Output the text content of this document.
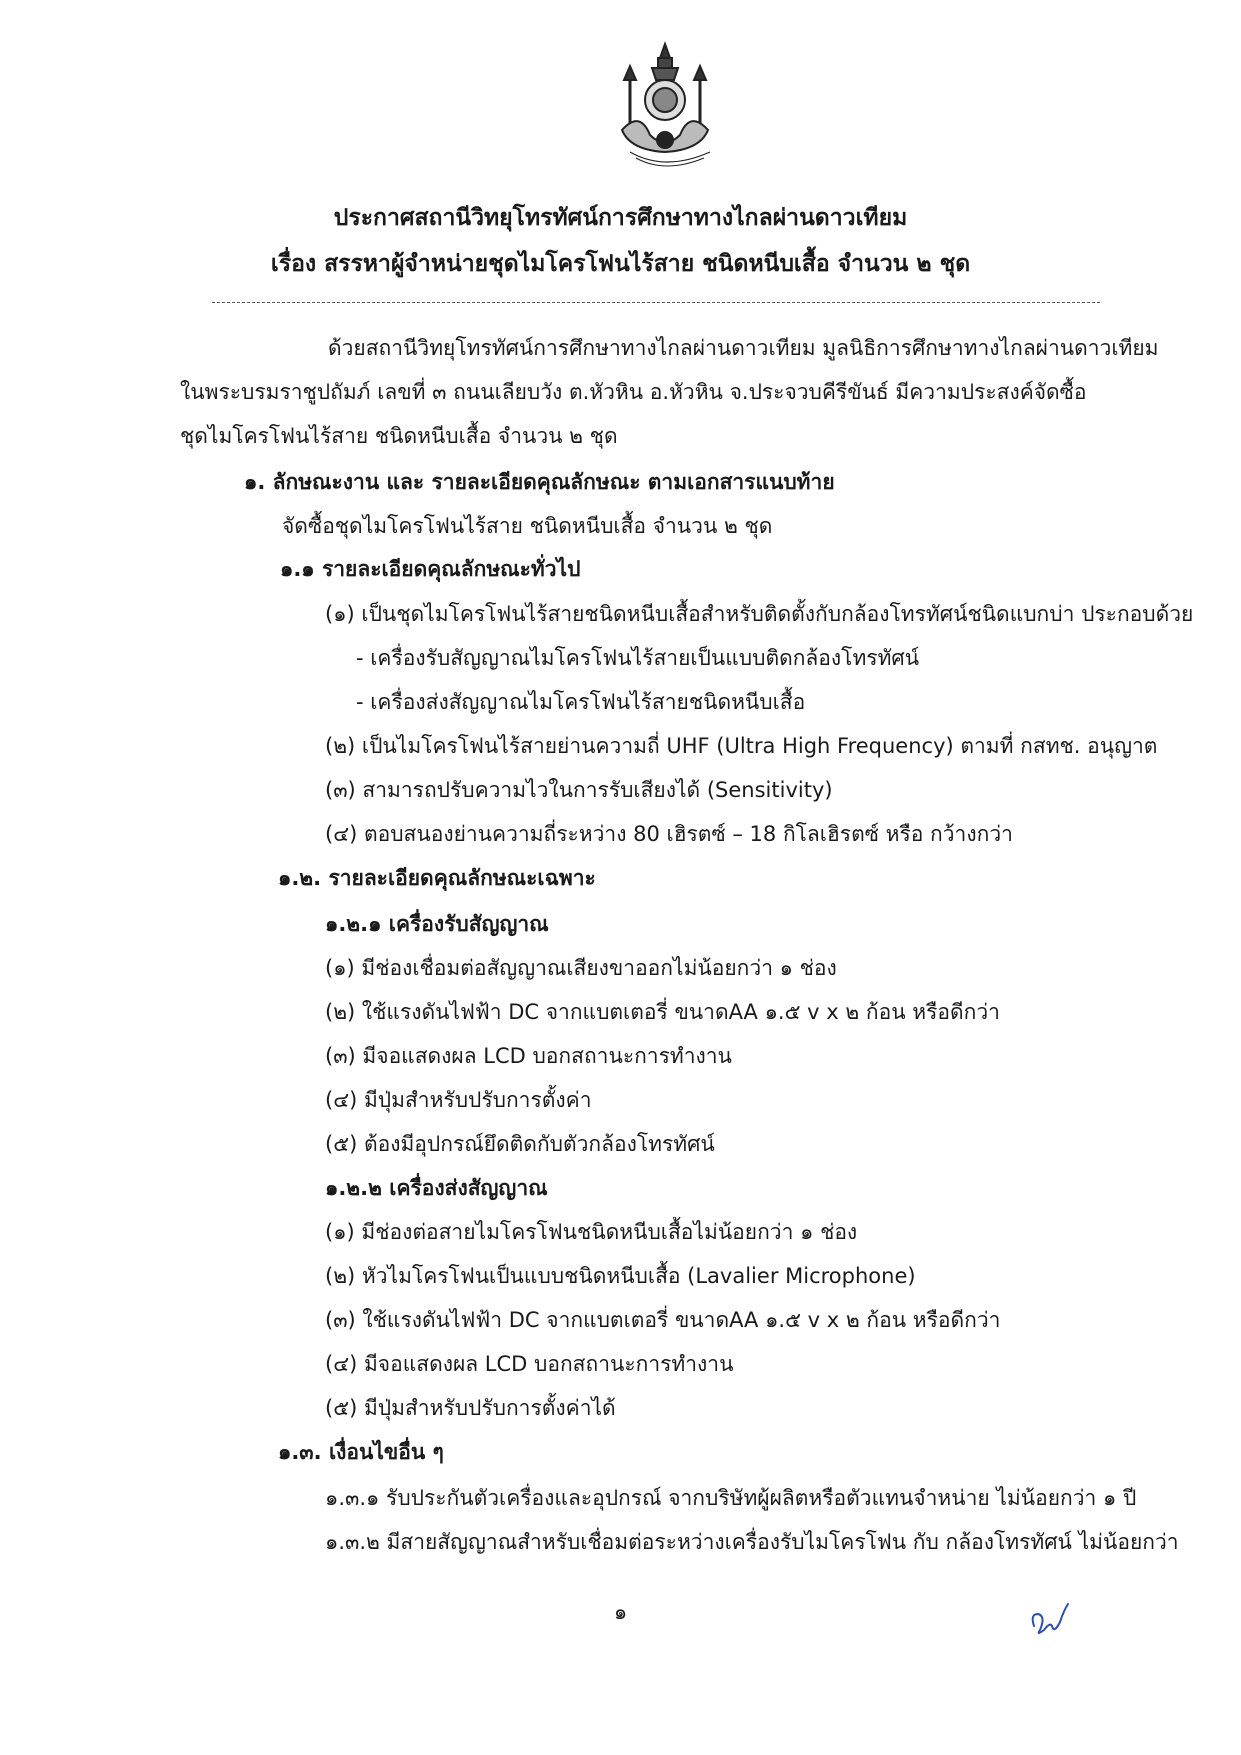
ประกาศสถานีวิทยุโทรทัศน์การศึกษาทางไกลผ่านดาวเทียม
เรื่อง สรรหาผู้จำหน่ายชุดไมโครโฟนไร้สาย ชนิดหนีบเสื้อ จำนวน ๒ ชุด
ด้วยสถานีวิทยุโทรทัศน์การศึกษาทางไกลผ่านดาวเทียม มูลนิธิการศึกษาทางไกลผ่านดาวเทียม
ในพระบรมราชูปถัมภ์ เลขที่ ๓ ถนนเลียบวัง ต.หัวหิน อ.หัวหิน จ.ประจวบคีรีขันธ์ มีความประสงค์จัดซื้อ
ชุดไมโครโฟนไร้สาย ชนิดหนีบเสื้อ จำนวน ๒ ชุด
๑. ลักษณะงาน และ รายละเอียดคุณลักษณะ ตามเอกสารแนบท้าย
จัดซื้อชุดไมโครโฟนไร้สาย ชนิดหนีบเสื้อ จำนวน ๒ ชุด
๑.๑ รายละเอียดคุณลักษณะทั่วไป
(๑) เป็นชุดไมโครโฟนไร้สายชนิดหนีบเสื้อสำหรับติดตั้งกับกล้องโทรทัศน์ชนิดแบกบ่า ประกอบด้วย
- เครื่องรับสัญญาณไมโครโฟนไร้สายเป็นแบบติดกล้องโทรทัศน์
- เครื่องส่งสัญญาณไมโครโฟนไร้สายชนิดหนีบเสื้อ
(๒) เป็นไมโครโฟนไร้สายย่านความถี่ UHF (Ultra High Frequency) ตามที่ กสทช. อนุญาต
(๓) สามารถปรับความไวในการรับเสียงได้ (Sensitivity)
(๔) ตอบสนองย่านความถี่ระหว่าง 80 เฮิรตซ์ – 18 กิโลเฮิรตซ์ หรือ กว้างกว่า
๑.๒. รายละเอียดคุณลักษณะเฉพาะ
๑.๒.๑ เครื่องรับสัญญาณ
(๑) มีช่องเชื่อมต่อสัญญาณเสียงขาออกไม่น้อยกว่า ๑ ช่อง
(๒) ใช้แรงดันไฟฟ้า DC จากแบตเตอรี่ ขนาดAA ๑.๕ v x ๒ ก้อน หรือดีกว่า
(๓) มีจอแสดงผล LCD บอกสถานะการทำงาน
(๔) มีปุ่มสำหรับปรับการตั้งค่า
(๕) ต้องมีอุปกรณ์ยึดติดกับตัวกล้องโทรทัศน์
๑.๒.๒ เครื่องส่งสัญญาณ
(๑) มีช่องต่อสายไมโครโฟนชนิดหนีบเสื้อไม่น้อยกว่า ๑ ช่อง
(๒) หัวไมโครโฟนเป็นแบบชนิดหนีบเสื้อ (Lavalier Microphone)
(๓) ใช้แรงดันไฟฟ้า DC จากแบตเตอรี่ ขนาดAA ๑.๕ v x ๒ ก้อน หรือดีกว่า
(๔) มีจอแสดงผล LCD บอกสถานะการทำงาน
(๕) มีปุ่มสำหรับปรับการตั้งค่าได้
๑.๓. เงื่อนไขอื่น ๆ
๑.๓.๑ รับประกันตัวเครื่องและอุปกรณ์ จากบริษัทผู้ผลิตหรือตัวแทนจำหน่าย ไม่น้อยกว่า ๑ ปี
๑.๓.๒ มีสายสัญญาณสำหรับเชื่อมต่อระหว่างเครื่องรับไมโครโฟน กับ กล้องโทรทัศน์ ไม่น้อยกว่า
๑
